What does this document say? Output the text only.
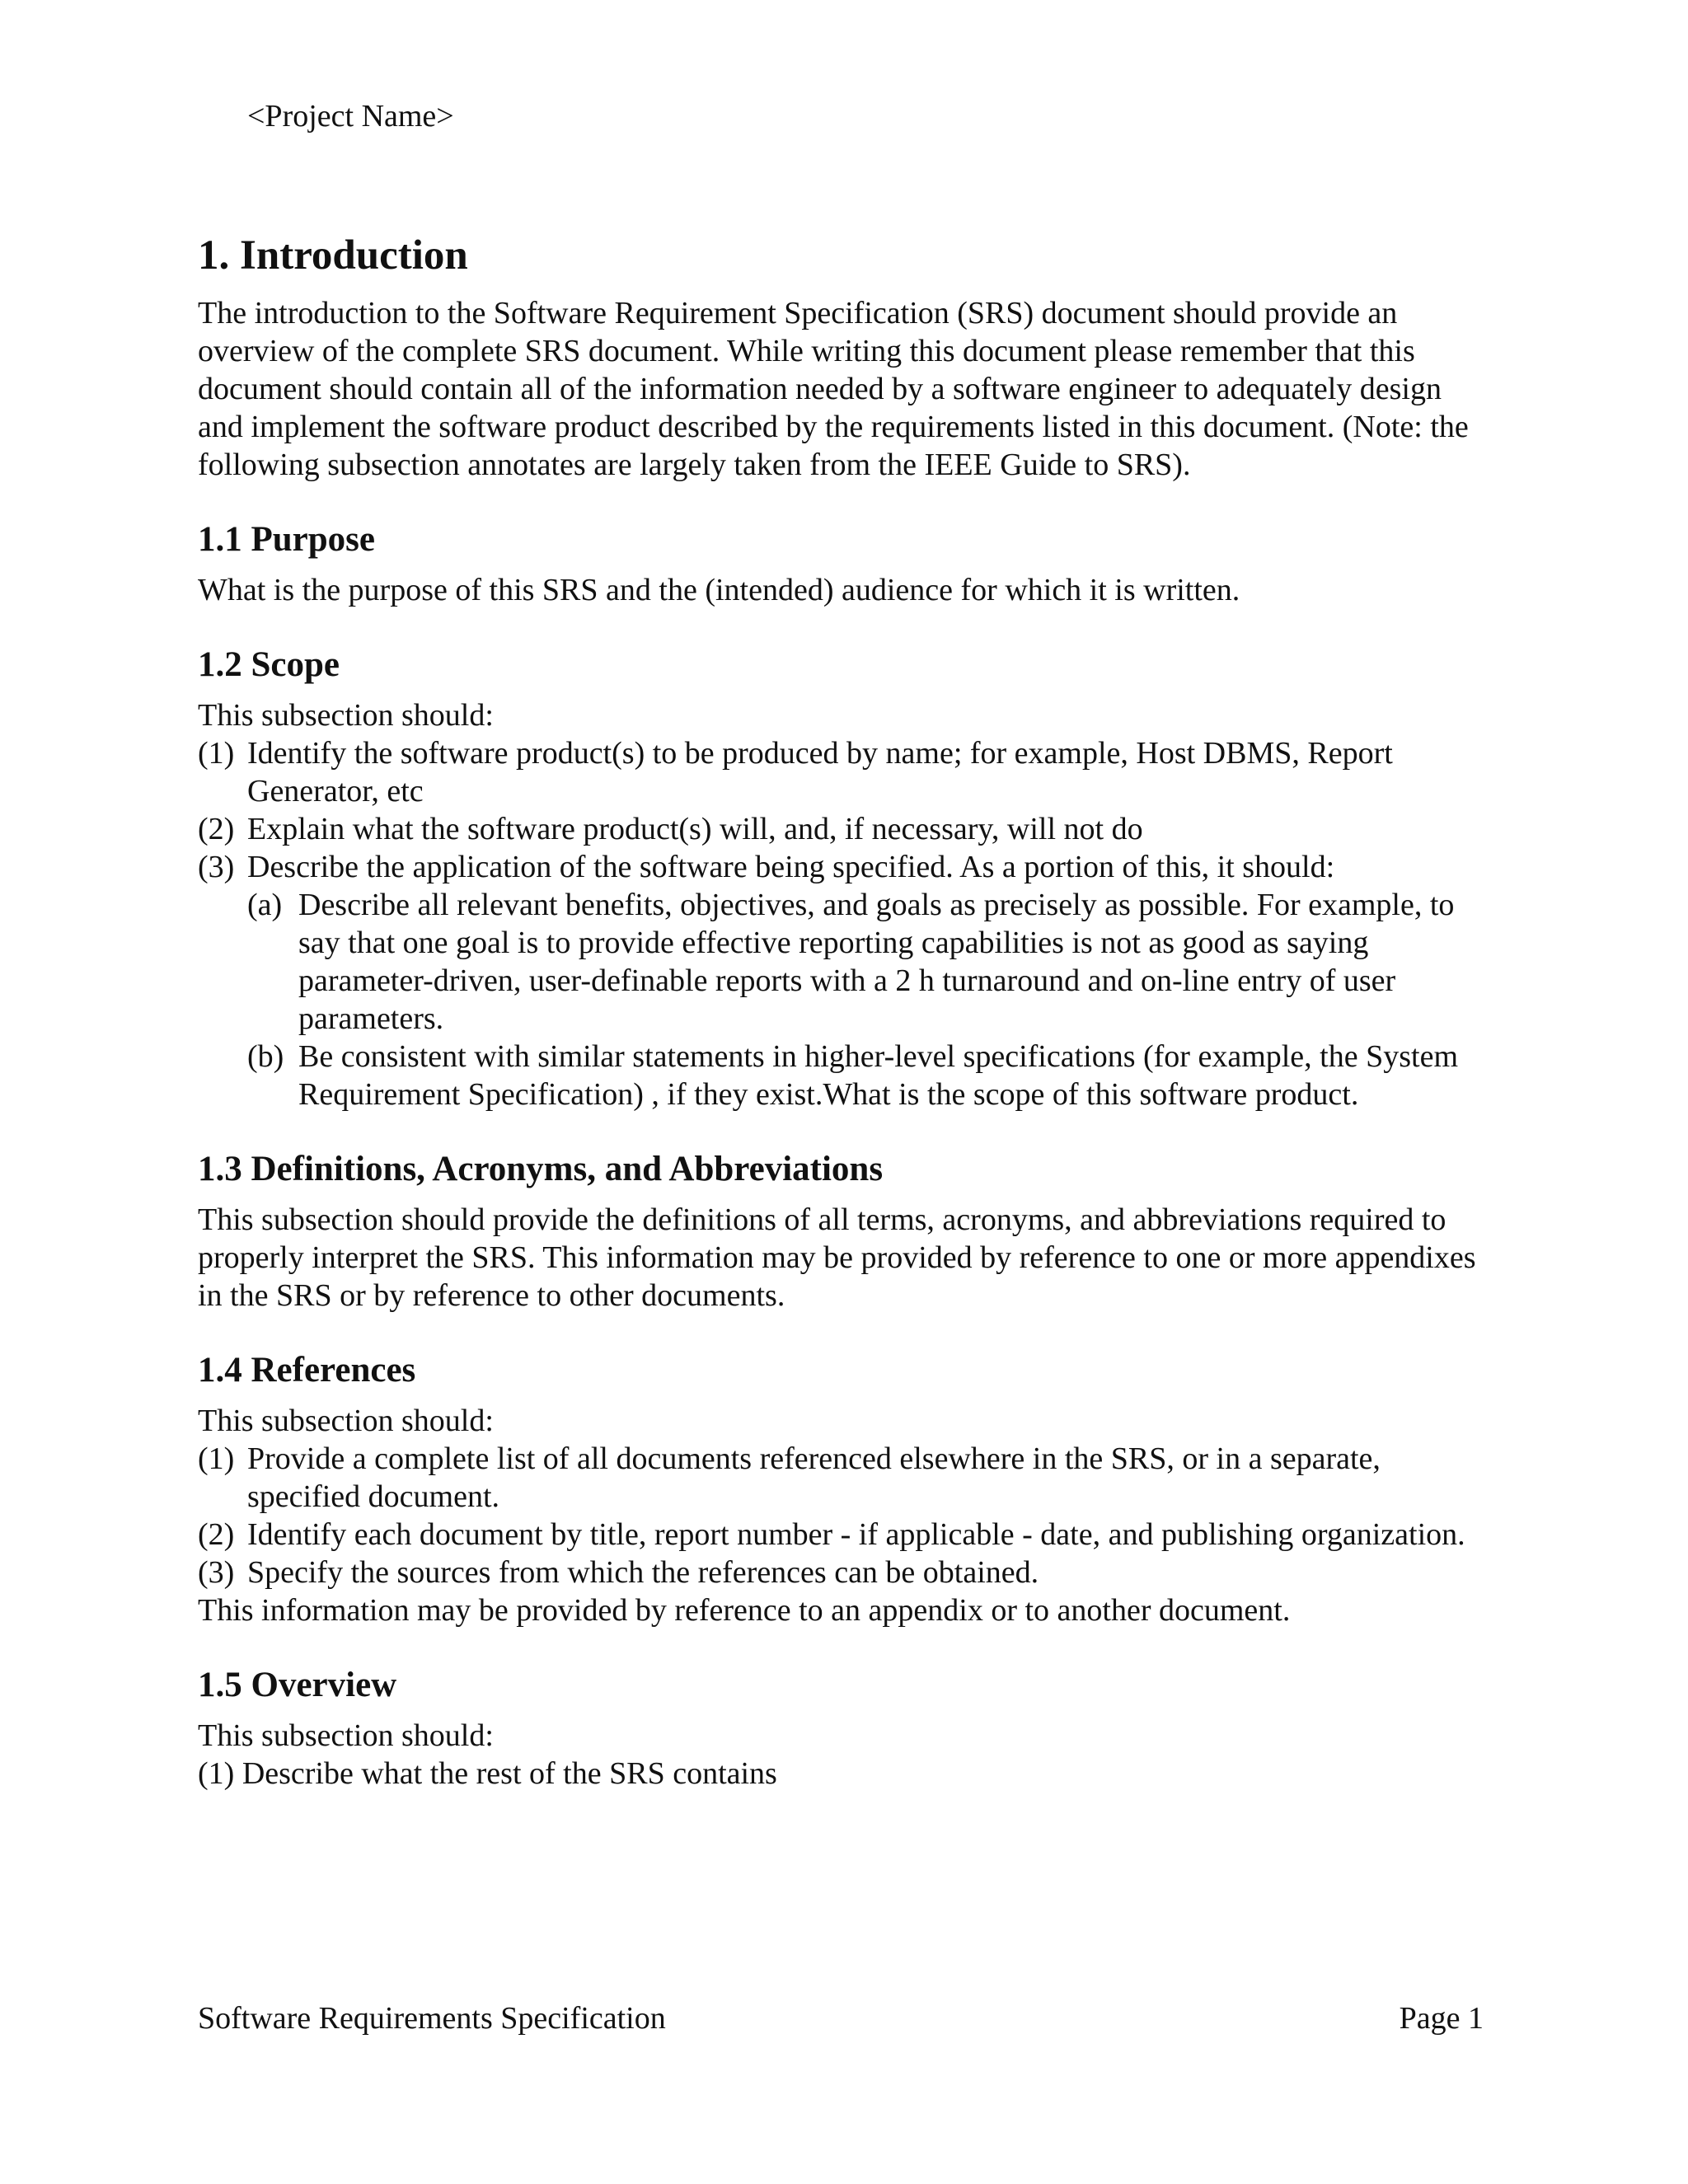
<Project Name>
1. Introduction

The introduction to the Software Requirement Specification (SRS) document should provide an overview of the complete SRS document. While writing this document please remember that this document should contain all of the information needed by a software engineer to adequately design and implement the software product described by the requirements listed in this document. (Note: the following subsection annotates are largely taken from the IEEE Guide to SRS).

1.1 Purpose

What is the purpose of this SRS and the (intended) audience for which it is written.

1.2 Scope

This subsection should:

(1) Identify the software product(s) to be produced by name; for example, Host DBMS, Report Generator, etc
(2) Explain what the software product(s) will, and, if necessary, will not do
(3) Describe the application of the software being specified. As a portion of this, it should:
(a) Describe all relevant benefits, objectives, and goals as precisely as possible. For example, to say that one goal is to provide effective reporting capabilities is not as good as saying parameter-driven, user-definable reports with a 2 h turnaround and on-line entry of user parameters.
(b) Be consistent with similar statements in higher-level specifications (for example, the System Requirement Specification) , if they exist.What is the scope of this software product.
1.3 Definitions, Acronyms, and Abbreviations

This subsection should provide the definitions of all terms, acronyms, and abbreviations required to properly interpret the SRS. This information may be provided by reference to one or more appendixes in the SRS or by reference to other documents.

1.4 References

This subsection should:

(1) Provide a complete list of all documents referenced elsewhere in the SRS, or in a separate, specified document.
(2) Identify each document by title, report number - if applicable - date, and publishing organization.
(3) Specify the sources from which the references can be obtained.

This information may be provided by reference to an appendix or to another document.

1.5 Overview

This subsection should:

(1) Describe what the rest of the SRS contains
Software Requirements Specification	Page 1
